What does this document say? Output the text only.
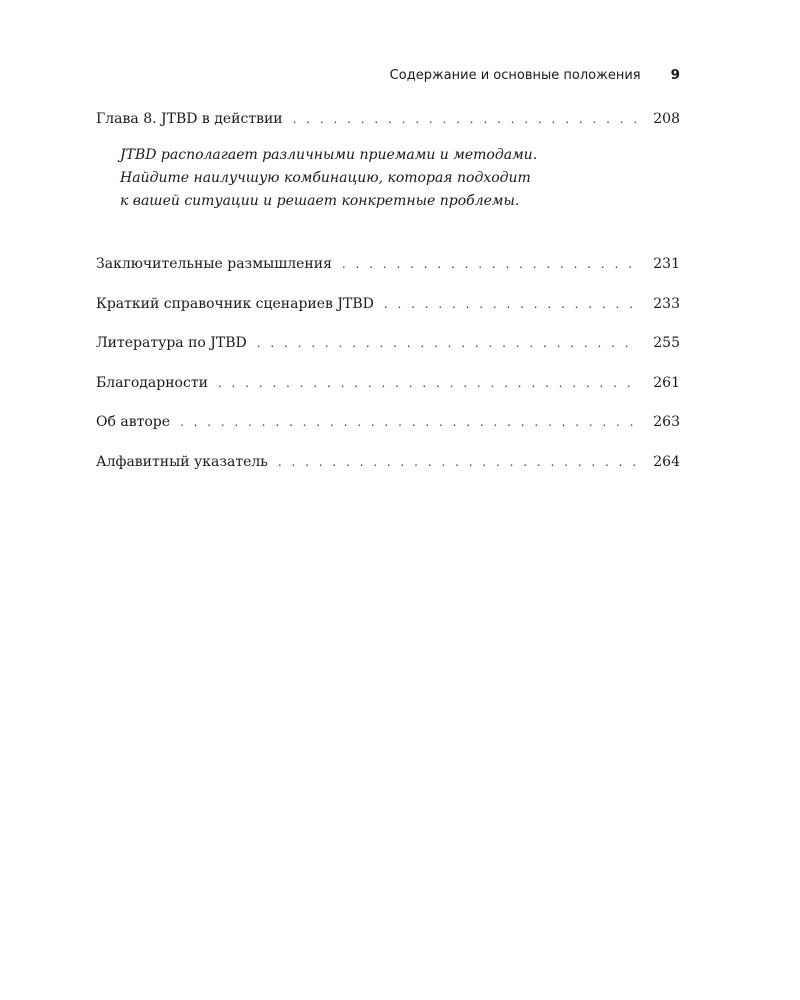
Содержание и основные положения 9
Глава 8. JTBD в действии . . .	208
JTBD располагает различными приемами и методами.
Найдите наилучшую комбинацию, которая подходит
к вашей ситуации и решает конкретные проблемы.
Заключительные размышления . . .	231
Краткий справочник сценариев JTBD . . .	233
Литература по JTBD . . .	255
Благодарности . . .	261
Об авторе . . .	263
Алфавитный указатель . . .	264
